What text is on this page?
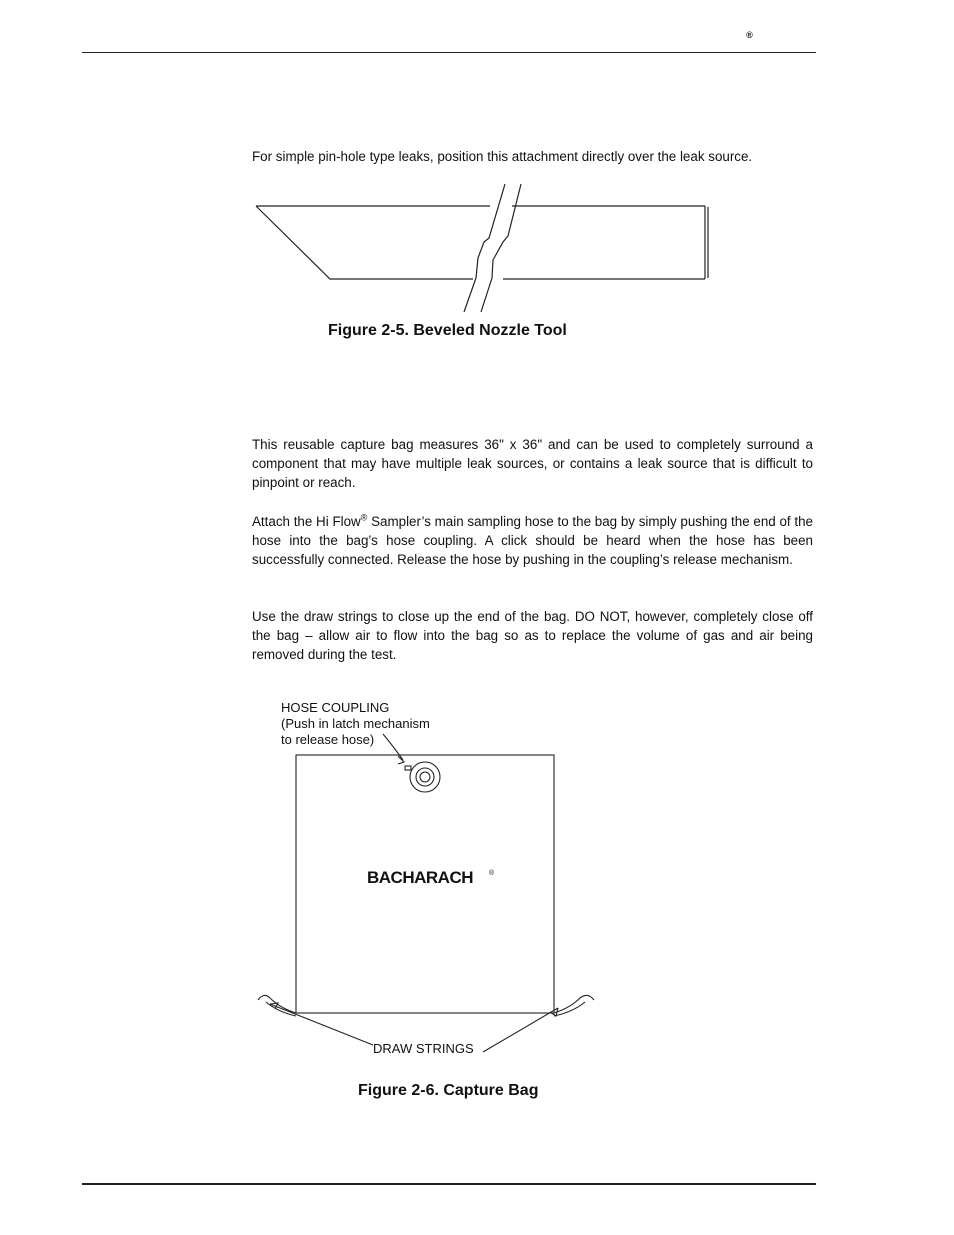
®
For simple pin-hole type leaks, position this attachment directly over the leak source.
Figure 2-5. Beveled Nozzle Tool
This reusable capture bag measures 36" x 36" and can be used to completely surround a component that may have multiple leak sources, or contains a leak source that is difficult to pinpoint or reach.
Attach the Hi Flow® Sampler’s main sampling hose to the bag by simply pushing the end of the hose into the bag’s hose coupling. A click should be heard when the hose has been successfully connected. Release the hose by pushing in the coupling’s release mechanism.
Use the draw strings to close up the end of the bag. DO NOT, however, completely close off the bag – allow air to flow into the bag so as to replace the volume of gas and air being removed during the test.
HOSE COUPLING
(Push in latch mechanism
to release hose)
BACHARACH ®
DRAW STRINGS
Figure 2-6. Capture Bag
